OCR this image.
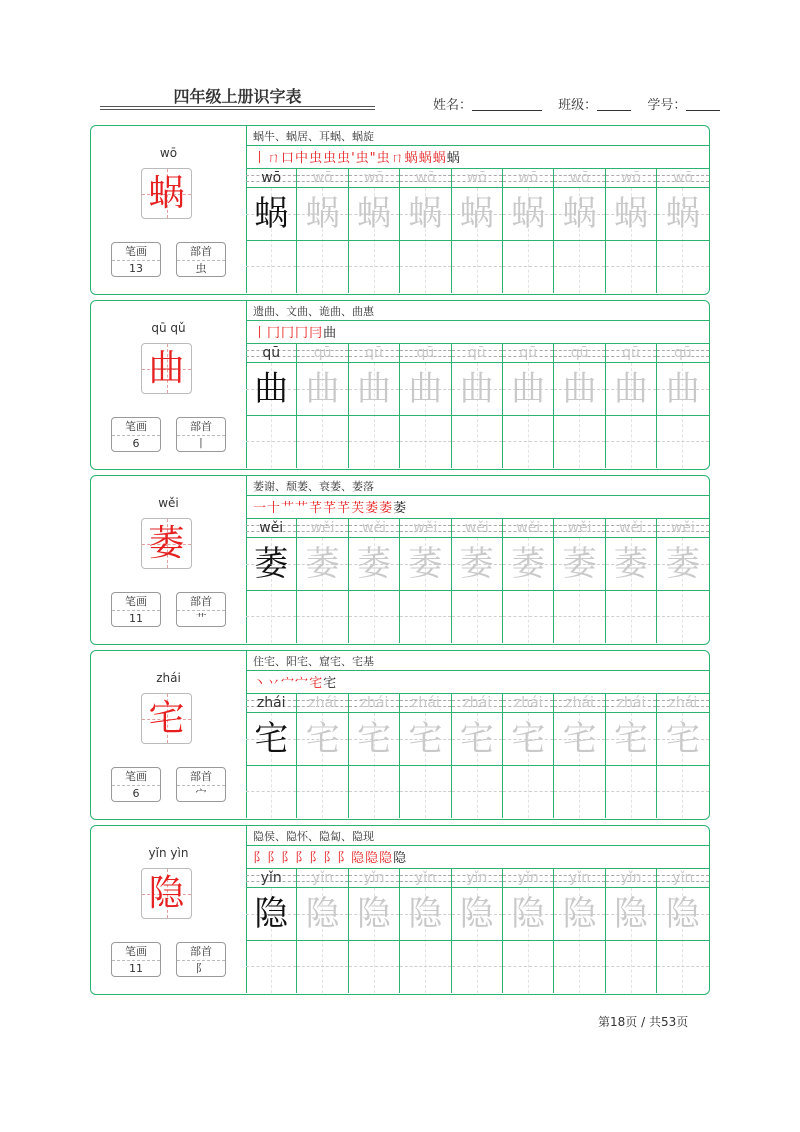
四年级上册识字表	姓名：	班级：	学号：
wō
蜗
笔画
13
部首
虫
蜗牛、蜗居、耳蜗、蜗旋
丨ㄇ口中虫虫虫'虫"虫ㄇ蜗蜗蜗蜗
wō
蜗
wō
蜗
wō
蜗
wō
蜗
wō
蜗
wō
蜗
wō
蜗
wō
蜗
wō
蜗
qū qǔ
曲
笔画
6
部首
丨
遗曲、文曲、诡曲、曲惠
丨冂冂冂冃曲
qū
曲
qū
曲
qū
曲
qū
曲
qū
曲
qū
曲
qū
曲
qū
曲
qū
曲
wěi
萎
笔画
11
部首
艹
萎谢、颓萎、衰萎、萎落
一十艹艹芊芊芊芙萎萎萎
wěi
萎
wěi
萎
wěi
萎
wěi
萎
wěi
萎
wěi
萎
wěi
萎
wěi
萎
wěi
萎
zhái
宅
笔画
6
部首
宀
住宅、阳宅、窟宅、宅基
丶丷宀宀宅宅
zhái
宅
zhái
宅
zhái
宅
zhái
宅
zhái
宅
zhái
宅
zhái
宅
zhái
宅
zhái
宅
yǐn yìn
隐
笔画
11
部首
阝
隐侯、隐怀、隐匐、隐现
阝阝阝阝阝阝阝隐隐隐隐
yǐn
隐
yǐn
隐
yǐn
隐
yǐn
隐
yǐn
隐
yǐn
隐
yǐn
隐
yǐn
隐
yǐn
隐
第18页 / 共53页
